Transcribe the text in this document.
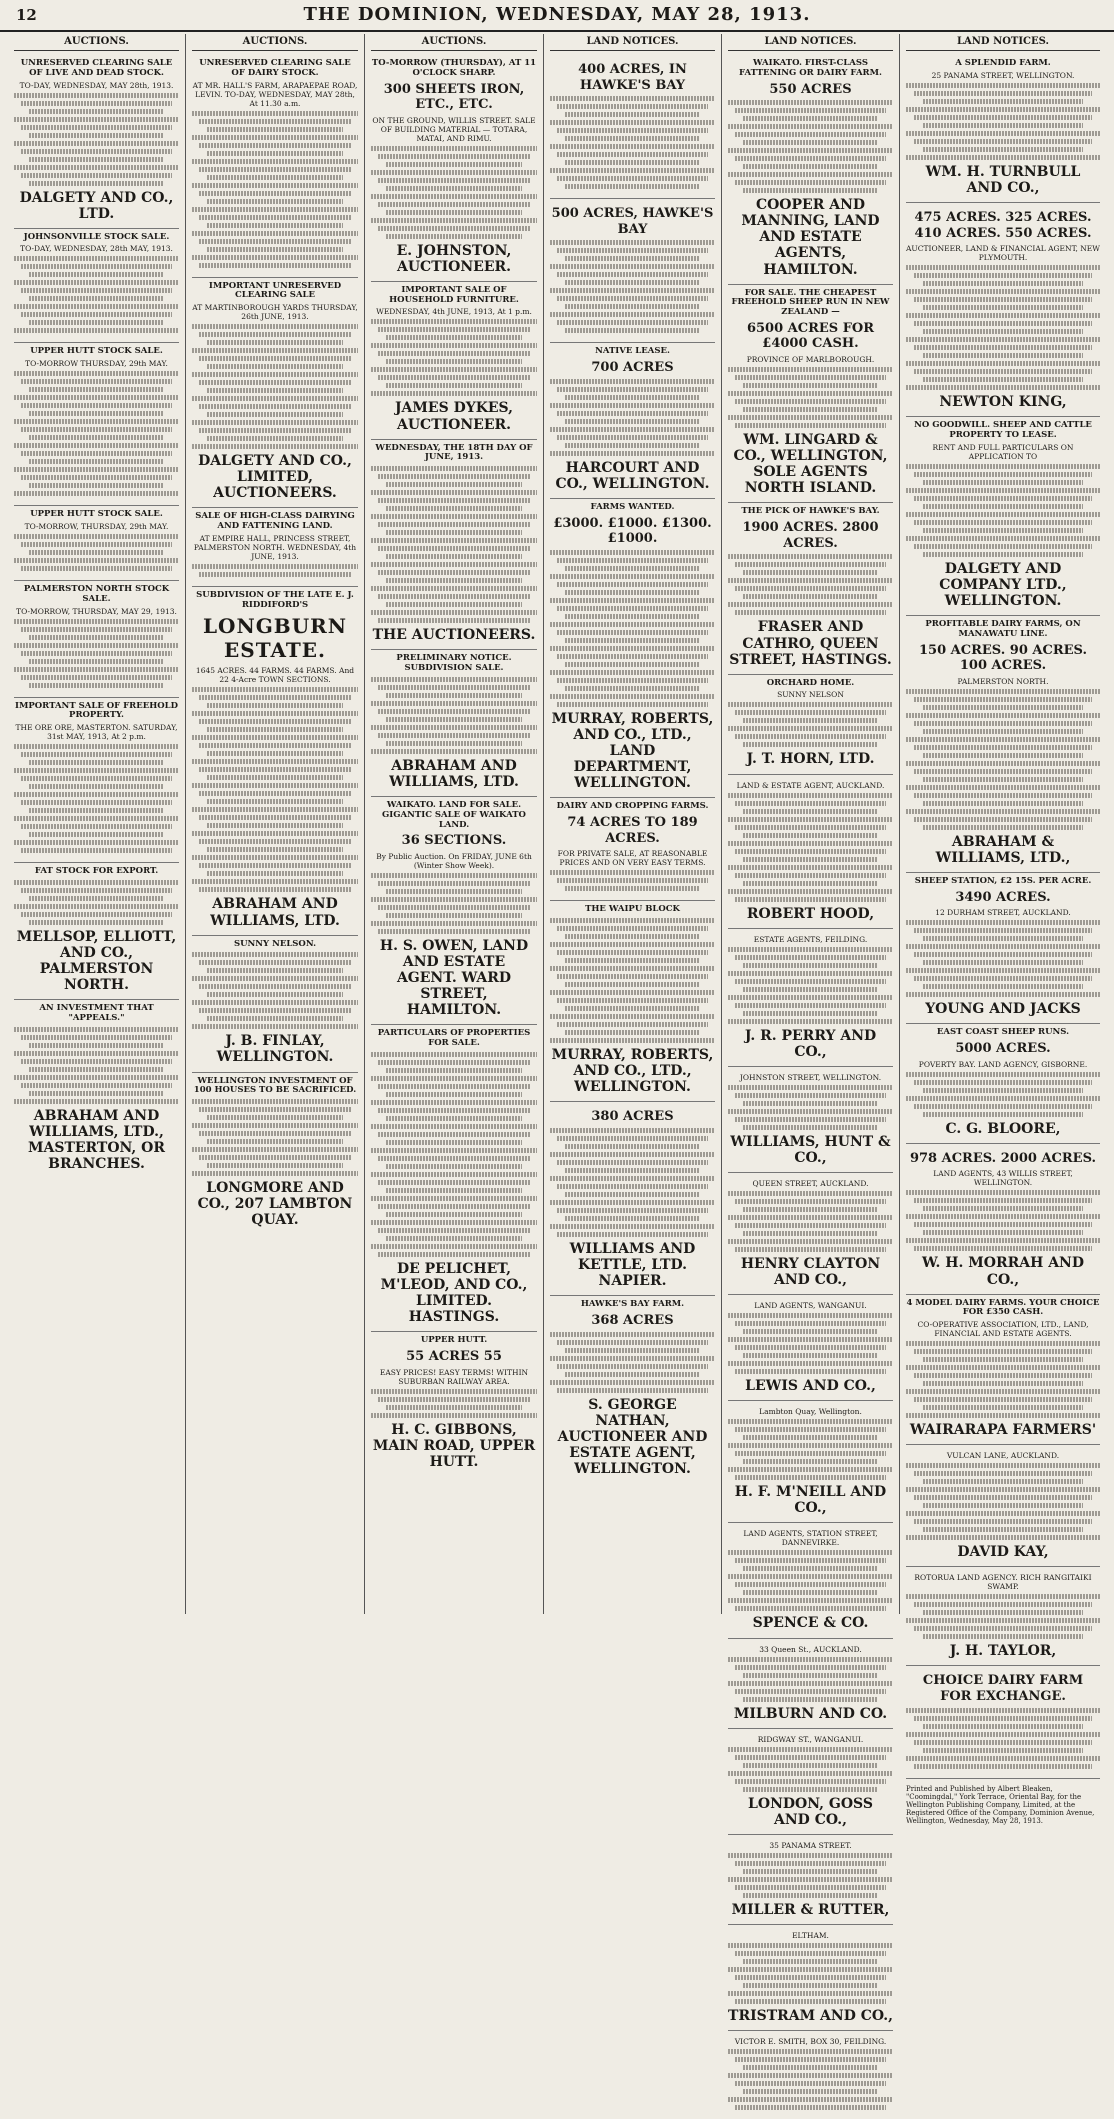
12	THE DOMINION, WEDNESDAY, MAY 28, 1913.
AUCTIONS.
UNRESERVED CLEARING SALE OF LIVE AND DEAD STOCK.
TO-DAY, WEDNESDAY, MAY 28th, 1913.
DALGETY AND CO., LTD.
JOHNSONVILLE STOCK SALE.
TO-DAY, WEDNESDAY, 28th MAY, 1913.
UPPER HUTT STOCK SALE.
TO-MORROW THURSDAY, 29th MAY.
UPPER HUTT STOCK SALE.
TO-MORROW, THURSDAY, 29th MAY.
PALMERSTON NORTH STOCK SALE.
TO-MORROW, THURSDAY, MAY 29, 1913.
IMPORTANT SALE OF FREEHOLD PROPERTY.
THE ORE ORE, MASTERTON. SATURDAY, 31st MAY, 1913, At 2 p.m.
FAT STOCK FOR EXPORT.
MELLSOP, ELLIOTT, AND CO., PALMERSTON NORTH.
AN INVESTMENT THAT "APPEALS."
ABRAHAM AND WILLIAMS, LTD., MASTERTON, OR BRANCHES.
AUCTIONS.
UNRESERVED CLEARING SALE OF DAIRY STOCK.
AT MR. HALL'S FARM, ARAPAEPAE ROAD, LEVIN. TO-DAY, WEDNESDAY, MAY 28th, At 11.30 a.m.
IMPORTANT UNRESERVED CLEARING SALE
AT MARTINBOROUGH YARDS THURSDAY, 26th JUNE, 1913.
DALGETY AND CO., LIMITED, AUCTIONEERS.
SALE OF HIGH-CLASS DAIRYING AND FATTENING LAND.
AT EMPIRE HALL, PRINCESS STREET, PALMERSTON NORTH. WEDNESDAY, 4th JUNE, 1913.
SUBDIVISION OF THE LATE E. J. RIDDIFORD'S
LONGBURN ESTATE.
1645 ACRES. 44 FARMS. 44 FARMS. And 22 4-Acre TOWN SECTIONS.
ABRAHAM AND WILLIAMS, LTD.
SUNNY NELSON.
J. B. FINLAY, WELLINGTON.
WELLINGTON INVESTMENT OF 100 HOUSES TO BE SACRIFICED.
LONGMORE AND CO., 207 LAMBTON QUAY.
AUCTIONS.
TO-MORROW (THURSDAY), AT 11 O'CLOCK SHARP.
300 SHEETS IRON, ETC., ETC.
ON THE GROUND, WILLIS STREET. SALE OF BUILDING MATERIAL — TOTARA, MATAI, AND RIMU.
E. JOHNSTON, AUCTIONEER.
IMPORTANT SALE OF HOUSEHOLD FURNITURE.
WEDNESDAY, 4th JUNE, 1913, At 1 p.m.
JAMES DYKES, AUCTIONEER.
WEDNESDAY, THE 18TH DAY OF JUNE, 1913.
THE AUCTIONEERS.
PRELIMINARY NOTICE. SUBDIVISION SALE.
ABRAHAM AND WILLIAMS, LTD.
WAIKATO. LAND FOR SALE. GIGANTIC SALE OF WAIKATO LAND.
36 SECTIONS.
By Public Auction. On FRIDAY, JUNE 6th (Winter Show Week).
H. S. OWEN, LAND AND ESTATE AGENT. WARD STREET, HAMILTON.
PARTICULARS OF PROPERTIES FOR SALE.
DE PELICHET, M'LEOD, AND CO., LIMITED. HASTINGS.
UPPER HUTT.
55 ACRES 55
EASY PRICES! EASY TERMS! WITHIN SUBURBAN RAILWAY AREA.
H. C. GIBBONS, MAIN ROAD, UPPER HUTT.
LAND NOTICES.
400 ACRES, IN HAWKE'S BAY
500 ACRES, HAWKE'S BAY
NATIVE LEASE.
700 ACRES
HARCOURT AND CO., WELLINGTON.
FARMS WANTED.
£3000. £1000. £1300. £1000.
MURRAY, ROBERTS, AND CO., LTD., LAND DEPARTMENT, WELLINGTON.
DAIRY AND CROPPING FARMS.
74 ACRES TO 189 ACRES.
FOR PRIVATE SALE, AT REASONABLE PRICES AND ON VERY EASY TERMS.
THE WAIPU BLOCK
MURRAY, ROBERTS, AND CO., LTD., WELLINGTON.
380 ACRES
WILLIAMS AND KETTLE, LTD. NAPIER.
HAWKE'S BAY FARM.
368 ACRES
S. GEORGE NATHAN, AUCTIONEER AND ESTATE AGENT, WELLINGTON.
LAND NOTICES.
WAIKATO. FIRST-CLASS FATTENING OR DAIRY FARM.
550 ACRES
COOPER AND MANNING, LAND AND ESTATE AGENTS, HAMILTON.
FOR SALE. THE CHEAPEST FREEHOLD SHEEP RUN IN NEW ZEALAND —
6500 ACRES FOR £4000 CASH.
PROVINCE OF MARLBOROUGH.
WM. LINGARD & CO., WELLINGTON, SOLE AGENTS NORTH ISLAND.
THE PICK OF HAWKE'S BAY.
1900 ACRES. 2800 ACRES.
FRASER AND CATHRO, QUEEN STREET, HASTINGS.
ORCHARD HOME.
SUNNY NELSON
J. T. HORN, LTD.
LAND & ESTATE AGENT, AUCKLAND.
ROBERT HOOD,
ESTATE AGENTS, FEILDING.
J. R. PERRY AND CO.,
JOHNSTON STREET, WELLINGTON.
WILLIAMS, HUNT & CO.,
QUEEN STREET, AUCKLAND.
HENRY CLAYTON AND CO.,
LAND AGENTS, WANGANUI.
LEWIS AND CO.,
Lambton Quay, Wellington.
H. F. M'NEILL AND CO.,
LAND AGENTS, STATION STREET, DANNEVIRKE.
SPENCE & CO.
33 Queen St., AUCKLAND.
MILBURN AND CO.
RIDGWAY ST., WANGANUI.
LONDON, GOSS AND CO.,
35 PANAMA STREET.
MILLER & RUTTER,
ELTHAM.
TRISTRAM AND CO.,
VICTOR E. SMITH, BOX 30, FEILDING.
LAND NOTICES.
A SPLENDID FARM.
25 PANAMA STREET, WELLINGTON.
WM. H. TURNBULL AND CO.,
475 ACRES. 325 ACRES. 410 ACRES. 550 ACRES.
AUCTIONEER, LAND & FINANCIAL AGENT, NEW PLYMOUTH.
NEWTON KING,
NO GOODWILL. SHEEP AND CATTLE PROPERTY TO LEASE.
RENT AND FULL PARTICULARS ON APPLICATION TO
DALGETY AND COMPANY LTD., WELLINGTON.
PROFITABLE DAIRY FARMS, ON MANAWATU LINE.
150 ACRES. 90 ACRES. 100 ACRES.
PALMERSTON NORTH.
ABRAHAM & WILLIAMS, LTD.,
SHEEP STATION, £2 15S. PER ACRE.
3490 ACRES.
12 DURHAM STREET, AUCKLAND.
YOUNG AND JACKS
EAST COAST SHEEP RUNS.
5000 ACRES.
POVERTY BAY. LAND AGENCY, GISBORNE.
C. G. BLOORE,
978 ACRES. 2000 ACRES.
LAND AGENTS, 43 WILLIS STREET, WELLINGTON.
W. H. MORRAH AND CO.,
4 MODEL DAIRY FARMS. YOUR CHOICE FOR £350 CASH.
CO-OPERATIVE ASSOCIATION, LTD., LAND, FINANCIAL AND ESTATE AGENTS.
WAIRARAPA FARMERS'
VULCAN LANE, AUCKLAND.
DAVID KAY,
ROTORUA LAND AGENCY. RICH RANGITAIKI SWAMP.
J. H. TAYLOR,
CHOICE DAIRY FARM FOR EXCHANGE.
Printed and Published by Albert Bleaken, "Coomingdal," York Terrace, Oriental Bay, for the Wellington Publishing Company, Limited, at the Registered Office of the Company, Dominion Avenue, Wellington, Wednesday, May 28, 1913.
